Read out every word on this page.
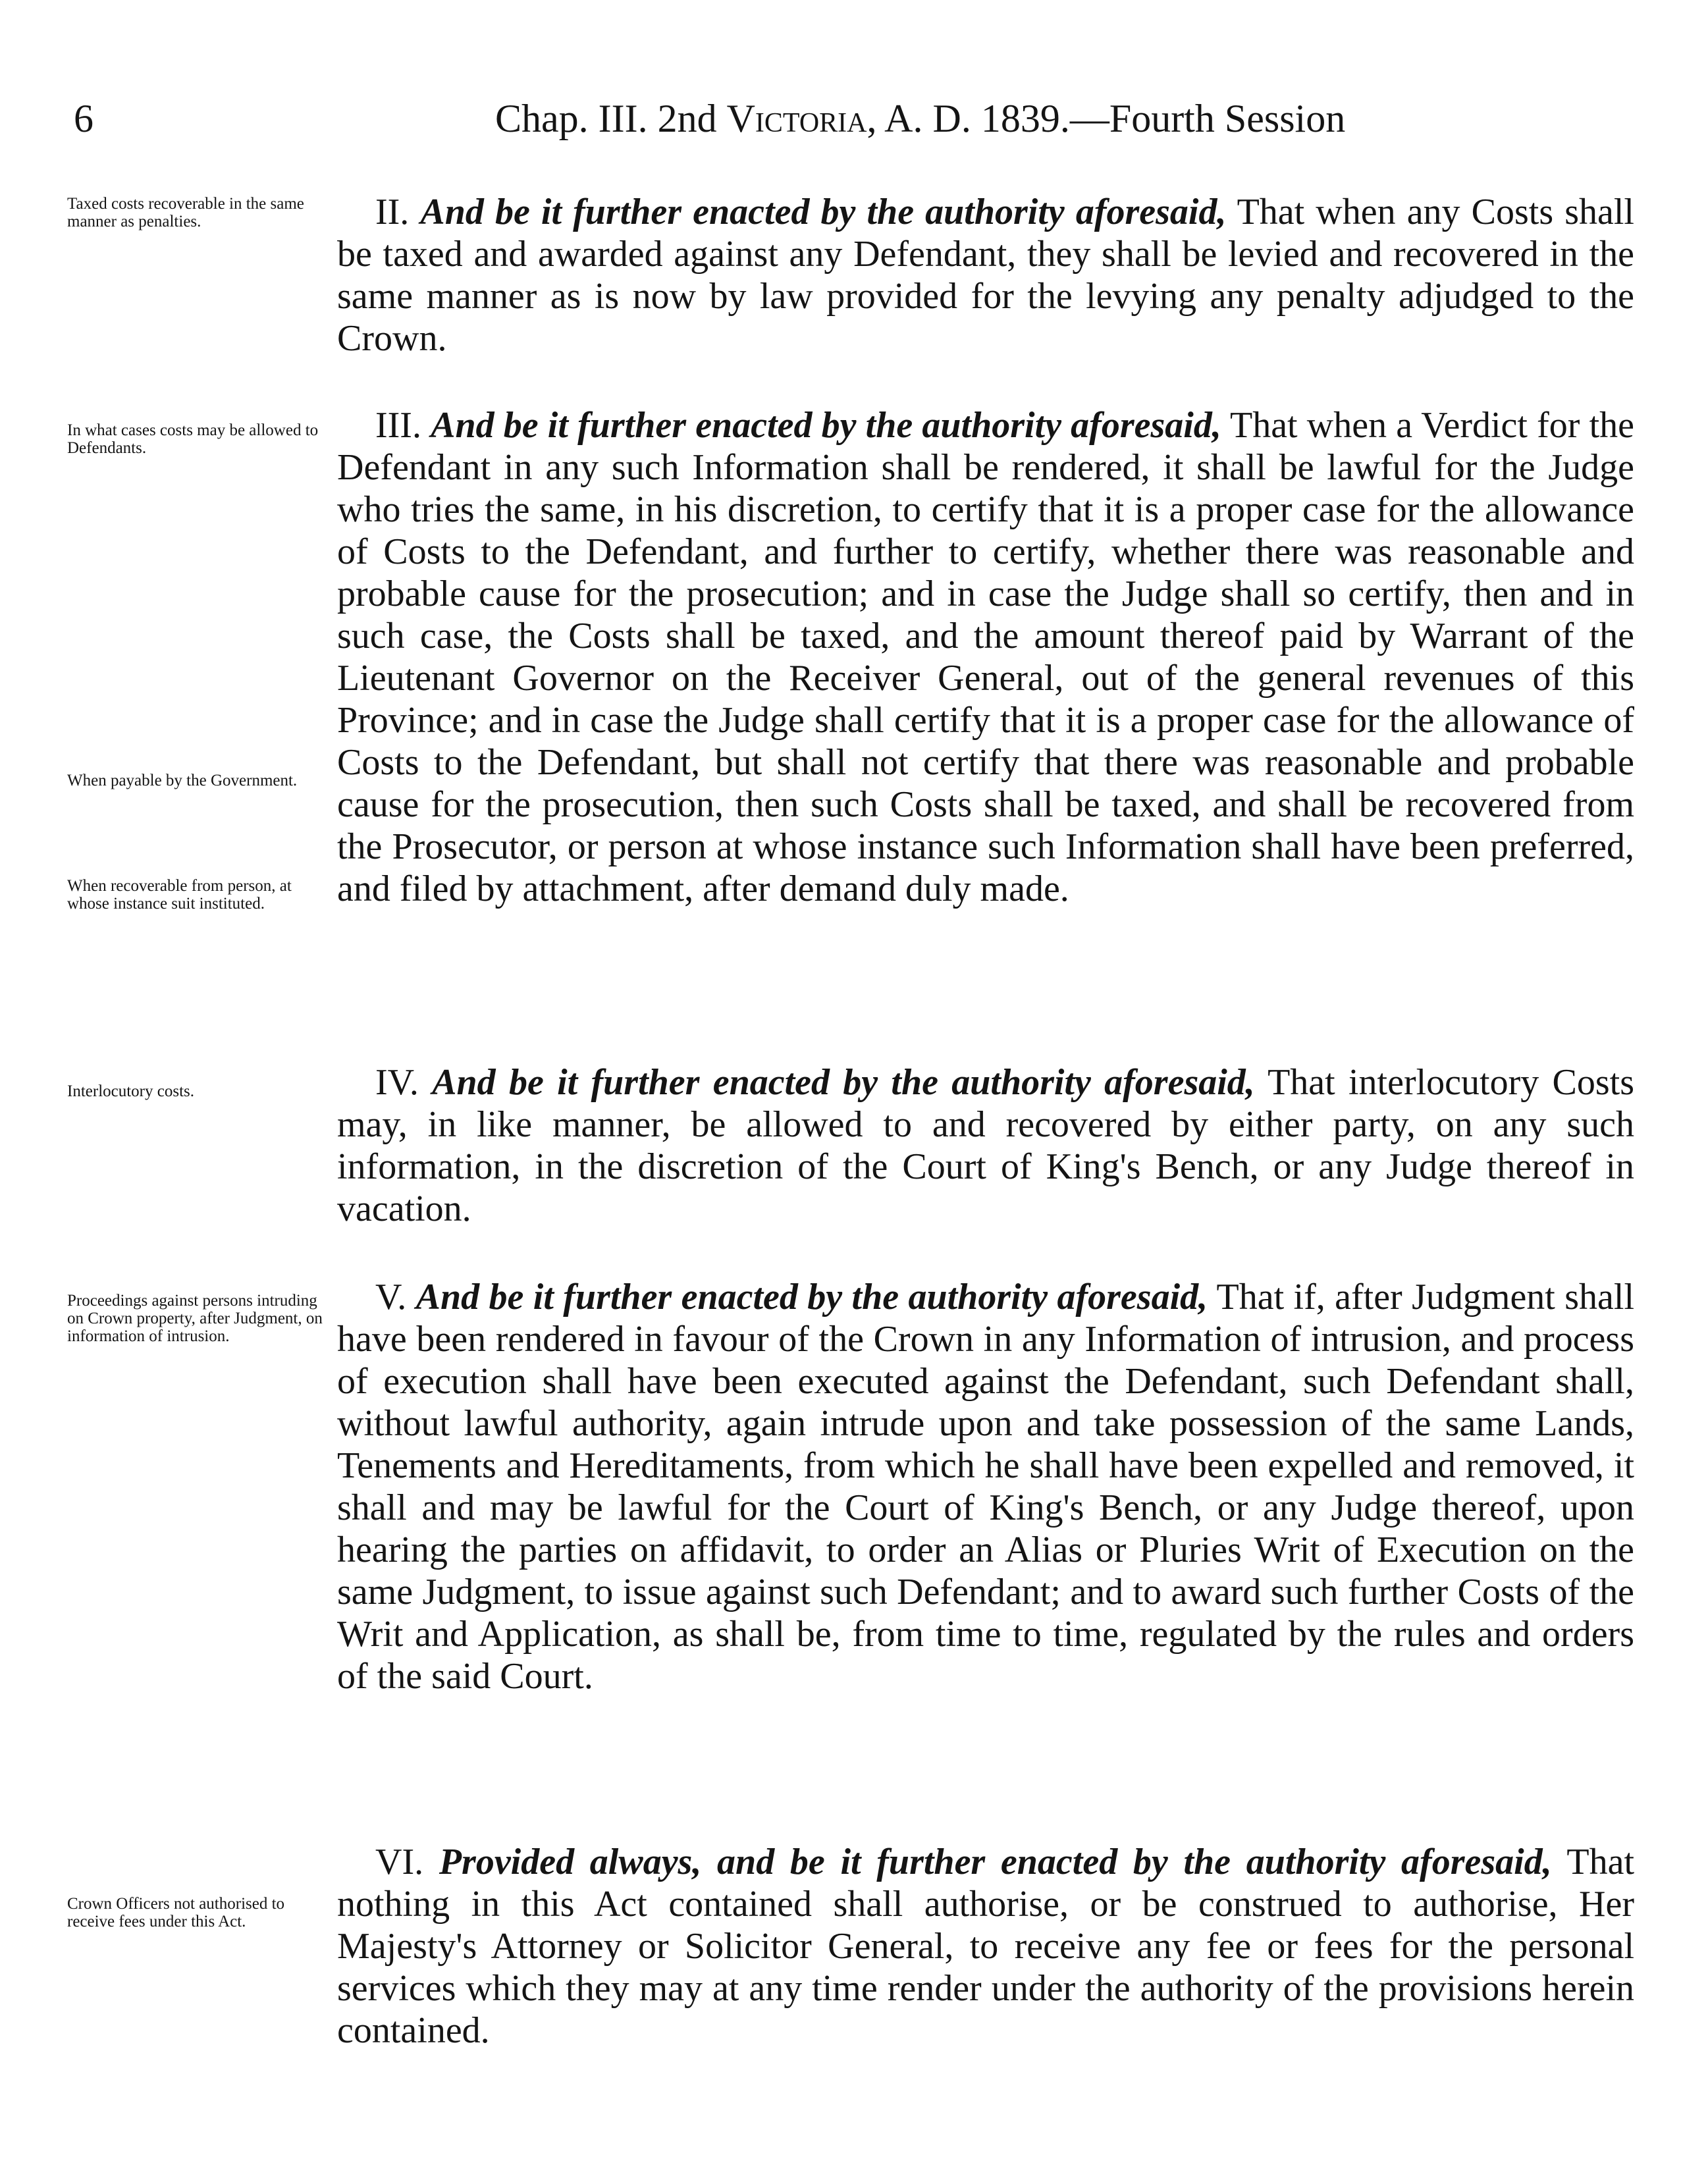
6	Chap. III. 2nd Victoria, A. D. 1839.—Fourth Session
Taxed costs recoverable in the same manner as penalties.	II. And be it further enacted by the authority aforesaid, That when any Costs shall be taxed and awarded against any Defendant, they shall be levied and recovered in the same manner as is now by law provided for the levying any penalty adjudged to the Crown.

In what cases costs may be allowed to Defendants.
When payable by the Government.
When recoverable from person, at whose instance suit instituted.

III. And be it further enacted by the authority aforesaid, That when a Verdict for the Defendant in any such Information shall be rendered, it shall be lawful for the Judge who tries the same, in his discretion, to certify that it is a proper case for the allowance of Costs to the Defendant, and further to certify, whether there was reasonable and probable cause for the prosecution; and in case the Judge shall so certify, then and in such case, the Costs shall be taxed, and the amount thereof paid by Warrant of the Lieutenant Governor on the Receiver General, out of the general revenues of this Province; and in case the Judge shall certify that it is a proper case for the allowance of Costs to the Defendant, but shall not certify that there was reasonable and probable cause for the prosecution, then such Costs shall be taxed, and shall be recovered from the Prosecutor, or person at whose instance such Information shall have been preferred, and filed by attachment, after demand duly made.

Interlocutory costs.	IV. And be it further enacted by the authority aforesaid, That interlocutory Costs may, in like manner, be allowed to and recovered by either party, on any such information, in the discretion of the Court of King's Bench, or any Judge thereof in vacation.

Proceedings against persons intruding on Crown property, after Judgment, on information of intrusion.

V. And be it further enacted by the authority aforesaid, That if, after Judgment shall have been rendered in favour of the Crown in any Information of intrusion, and process of execution shall have been executed against the Defendant, such Defendant shall, without lawful authority, again intrude upon and take possession of the same Lands, Tenements and Hereditaments, from which he shall have been expelled and removed, it shall and may be lawful for the Court of King's Bench, or any Judge thereof, upon hearing the parties on affidavit, to order an Alias or Pluries Writ of Execution on the same Judgment, to issue against such Defendant; and to award such further Costs of the Writ and Application, as shall be, from time to time, regulated by the rules and orders of the said Court.

Crown Officers not authorised to receive fees under this Act.

VI. Provided always, and be it further enacted by the authority aforesaid, That nothing in this Act contained shall authorise, or be construed to authorise, Her Majesty's Attorney or Solicitor General, to receive any fee or fees for the personal services which they may at any time render under the authority of the provisions herein contained.
